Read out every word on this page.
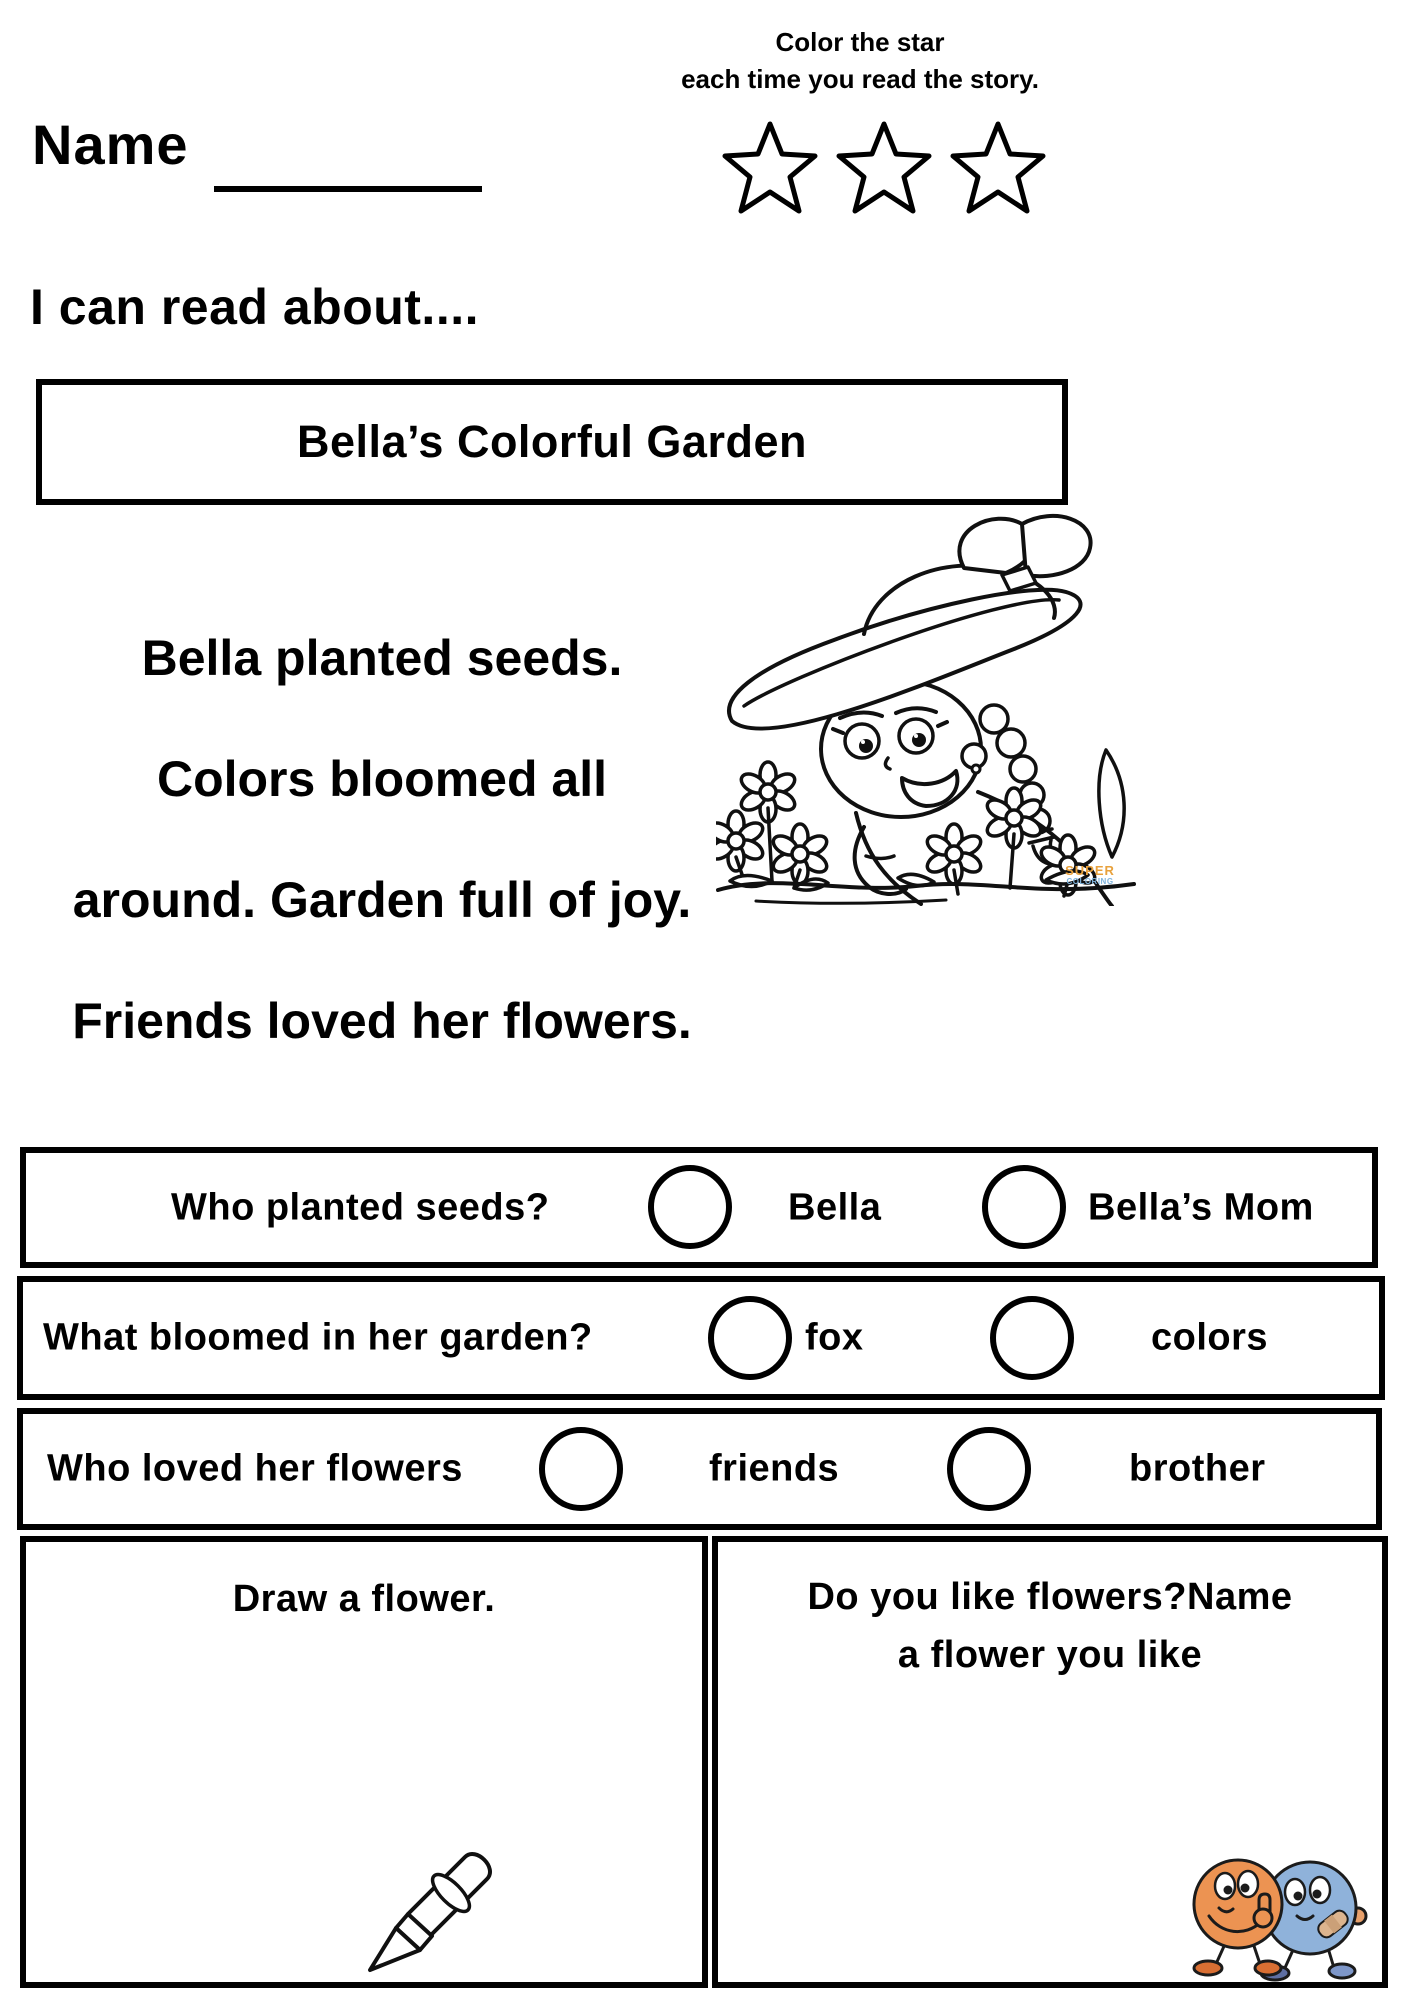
Name
Color the star
each time you read the story.
I can read about....
Bella’s Colorful Garden
Bella planted seeds.
Colors bloomed all
around. Garden full of joy.
Friends loved her flowers.
SUPER
COLORING
Who planted seeds?	Bella	Bella’s Mom
What bloomed in her garden?	fox	colors
Who loved her flowers	friends	brother
Draw a flower.	Do you like flowers?Name
a flower you like
